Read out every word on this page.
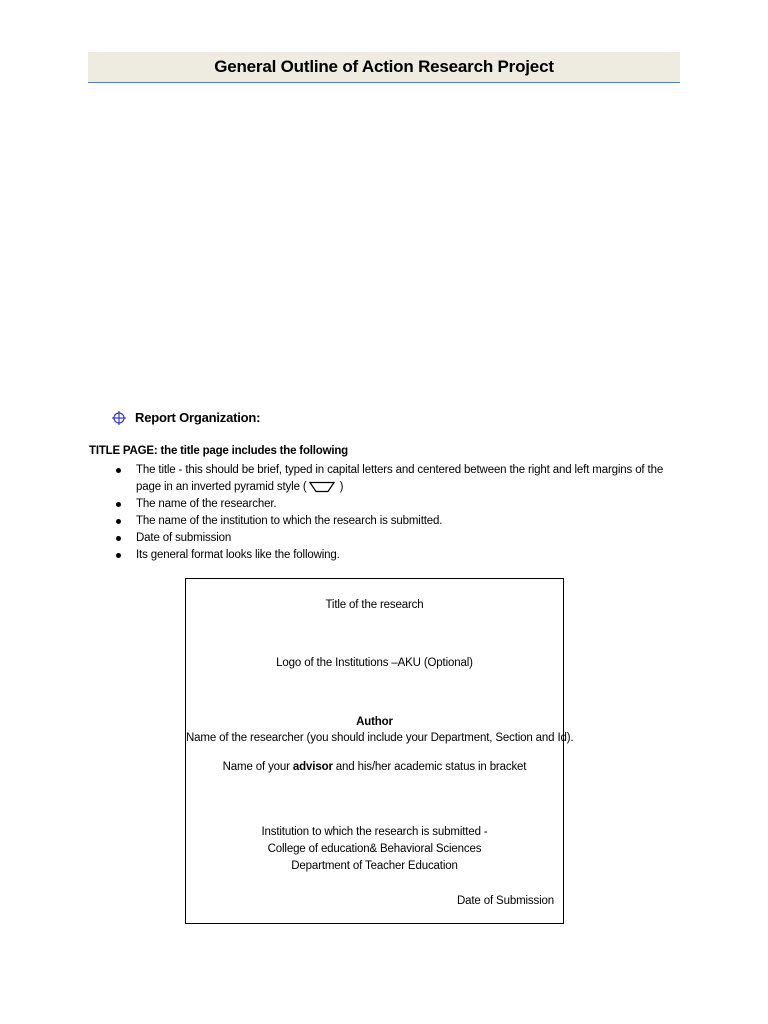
General Outline of Action Research Project
Report Organization:
TITLE PAGE: the title page includes the following
The title - this should be brief, typed in capital letters and centered between the right and left margins of the
page in an inverted pyramid style (	)
The name of the researcher.
The name of the institution to which the research is submitted.
Date of submission
Its general format looks like the following.
Title of the research
Logo of the Institutions –AKU (Optional)
Author
Name of the researcher (you should include your Department, Section and Id).
Name of your advisor and his/her academic status in bracket
Institution to which the research is submitted -
College of education& Behavioral Sciences
Department of Teacher Education
Date of Submission
